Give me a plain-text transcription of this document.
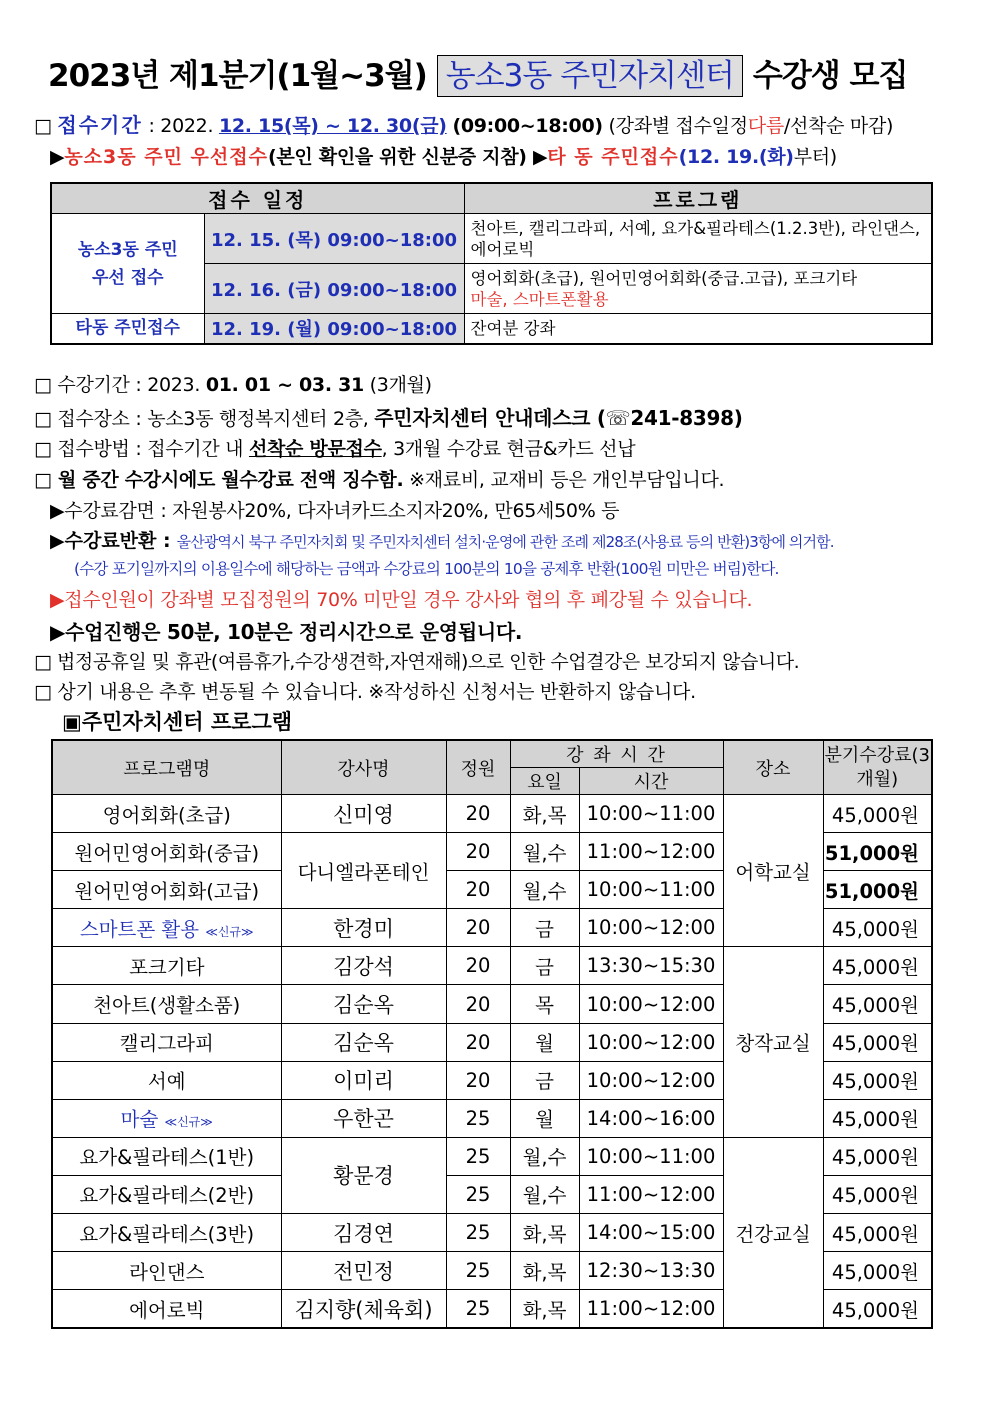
2023년 제1분기(1월~3월) 농소3동 주민자치센터 수강생 모집
□ 접수기간 : 2022. 12. 15(목) ~ 12. 30(금) (09:00~18:00) (강좌별 접수일정다름/선착순 마감)
▶농소3동 주민 우선접수(본인 확인을 위한 신분증 지참) ▶타 동 주민접수(12. 19.(화)부터)
접수 일정		프로그램
농소3동 주민 우선 접수	12. 15. (목) 09:00~18:00	천아트, 캘리그라피, 서예, 요가&필라테스(1.2.3반), 라인댄스, 에어로빅
	12. 16. (금) 09:00~18:00	영어회화(초급), 원어민영어회화(중급.고급), 포크기타
마술, 스마트폰활용
타동 주민접수	12. 19. (월) 09:00~18:00	잔여분 강좌
□ 수강기간 : 2023. 01. 01 ~ 03. 31 (3개월)
□ 접수장소 : 농소3동 행정복지센터 2층, 주민자치센터 안내데스크 (☏241-8398)
□ 접수방법 : 접수기간 내 선착순 방문접수, 3개월 수강료 현금&카드 선납
□ 월 중간 수강시에도 월수강료 전액 징수함. ※재료비, 교재비 등은 개인부담입니다.
▶수강료감면 : 자원봉사20%, 다자녀카드소지자20%, 만65세50% 등
▶수강료반환 : 울산광역시 북구 주민자치회 및 주민자치센터 설치·운영에 관한 조례 제28조(사용료 등의 반환)3항에 의거함.
(수강 포기일까지의 이용일수에 해당하는 금액과 수강료의 100분의 10을 공제후 반환(100원 미만은 버림)한다.
▶접수인원이 강좌별 모집정원의 70% 미만일 경우 강사와 협의 후 폐강될 수 있습니다.
▶수업진행은 50분, 10분은 정리시간으로 운영됩니다.
□ 법정공휴일 및 휴관(여름휴가,수강생견학,자연재해)으로 인한 수업결강은 보강되지 않습니다.
□ 상기 내용은 추후 변동될 수 있습니다. ※작성하신 신청서는 반환하지 않습니다.
▣주민자치센터 프로그램
프로그램명	강사명	정원	강 좌 시 간		장소	분기수강료(3개월)
			요일	시간		
영어회화(초급)	신미영	20	화,목	10:00~11:00	어학교실	45,000원
원어민영어회화(중급)	다니엘라폰테인	20	월,수	11:00~12:00		51,000원
원어민영어회화(고급)		20	월,수	10:00~11:00		51,000원
스마트폰 활용 ≪신규≫	한경미	20	금	10:00~12:00		45,000원
포크기타	김강석	20	금	13:30~15:30	창작교실	45,000원
천아트(생활소품)	김순옥	20	목	10:00~12:00		45,000원
캘리그라피	김순옥	20	월	10:00~12:00		45,000원
서예	이미리	20	금	10:00~12:00		45,000원
마술 ≪신규≫	우한곤	25	월	14:00~16:00		45,000원
요가&필라테스(1반)	황문경	25	월,수	10:00~11:00	건강교실	45,000원
요가&필라테스(2반)		25	월,수	11:00~12:00		45,000원
요가&필라테스(3반)	김경연	25	화,목	14:00~15:00		45,000원
라인댄스	전민정	25	화,목	12:30~13:30		45,000원
에어로빅	김지향(체육회)	25	화,목	11:00~12:00		45,000원
